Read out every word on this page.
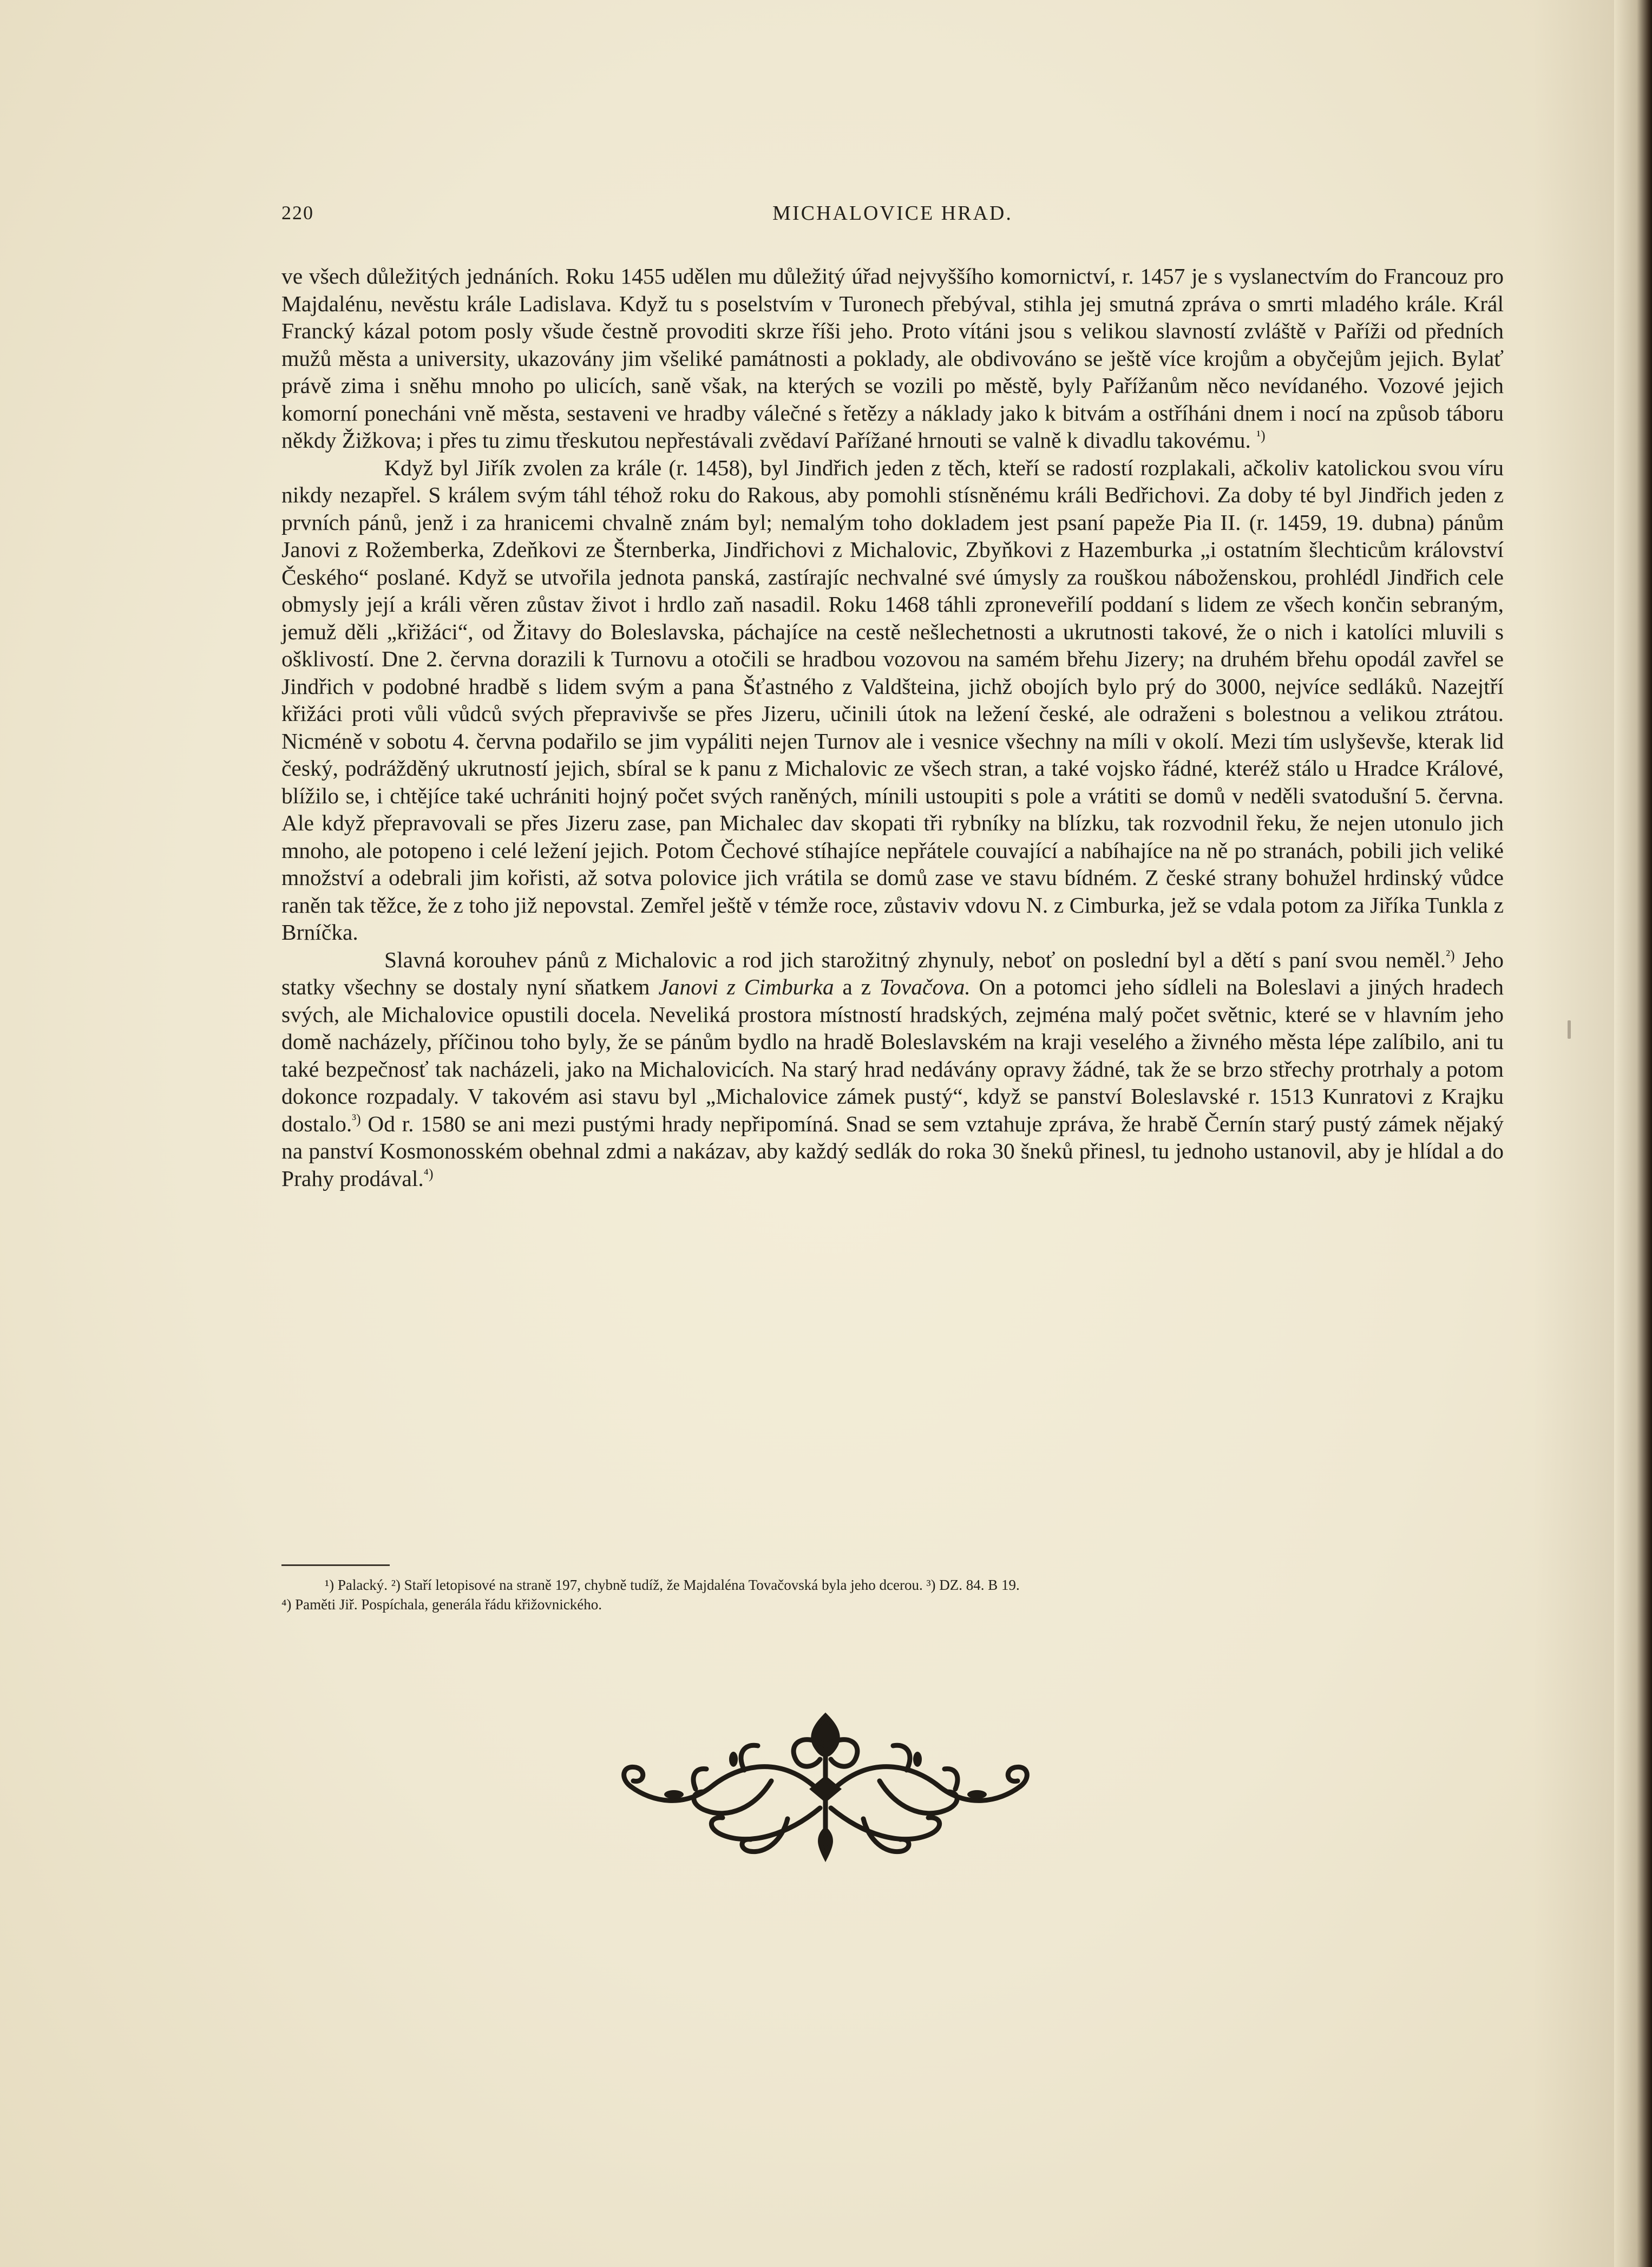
220	MICHALOVICE HRAD.

ve všech důležitých jednáních. Roku 1455 udělen mu důležitý úřad nejvyššího komornictví, r. 1457 je s vyslanectvím do Francouz pro Majdalénu, nevěstu krále Ladislava. Když tu s poselstvím v Turonech přebýval, stihla jej smutná zpráva o smrti mladého krále. Král Francký kázal potom posly všude čestně provoditi skrze říši jeho. Proto vítáni jsou s velikou slavností zvláště v Paříži od předních mužů města a university, ukazovány jim všeliké památnosti a poklady, ale obdivováno se ještě více krojům a obyčejům jejich. Bylať právě zima i sněhu mnoho po ulicích, saně však, na kterých se vozili po městě, byly Pařížanům něco nevídaného. Vozové jejich komorní ponecháni vně města, sestaveni ve hradby válečné s řetězy a náklady jako k bitvám a ostříháni dnem i nocí na způsob táboru někdy Žižkova; i přes tu zimu třeskutou nepřestávali zvědaví Pařížané hrnouti se valně k divadlu takovému. $^{^1)}$

Když byl Jiřík zvolen za krále (r. 1458), byl Jindřich jeden z těch, kteří se radostí rozplakali, ačkoliv katolickou svou víru nikdy nezapřel. S králem svým táhl téhož roku do Rakous, aby pomohli stísněnému králi Bedřichovi. Za doby té byl Jindřich jeden z prvních pánů, jenž i za hranicemi chvalně znám byl; nemalým toho dokladem jest psaní papeže Pia II. (r. 1459, 19. dubna) pánům Janovi z Rožemberka, Zdeňkovi ze Šternberka, Jindřichovi z Michalovic, Zbyňkovi z Hazemburka „i ostatním šlechticům království Českého“ poslané. Když se utvořila jednota panská, zastírajíc nechvalné své úmysly za rouškou náboženskou, prohlédl Jindřich cele obmysly její a králi věren zůstav život i hrdlo zaň nasadil. Roku 1468 táhli zproneveřilí poddaní s lidem ze všech končin sebraným, jemuž děli „křižáci“, od Žitavy do Boleslavska, páchajíce na cestě nešlechetnosti a ukrutnosti takové, že o nich i katolíci mluvili s ošklivostí. Dne 2. června dorazili k Turnovu a otočili se hradbou vozovou na samém břehu Jizery; na druhém břehu opodál zavřel se Jindřich v podobné hradbě s lidem svým a pana Šťastného z Valdšteina, jichž obojích bylo prý do 3000, nejvíce sedláků. Nazejtří křižáci proti vůli vůdců svých přepravivše se přes Jizeru, učinili útok na ležení české, ale odraženi s bolestnou a velikou ztrátou. Nicméně v sobotu 4. června podařilo se jim vypáliti nejen Turnov ale i vesnice všechny na míli v okolí. Mezi tím uslyševše, kterak lid český, podrážděný ukrutností jejich, sbíral se k panu z Michalovic ze všech stran, a také vojsko řádné, kteréž stálo u Hradce Králové, blížilo se, i chtějíce také uchrániti hojný počet svých raněných, mínili ustoupiti s pole a vrátiti se domů v neděli svatodušní 5. června. Ale když přepravovali se přes Jizeru zase, pan Michalec dav skopati tři rybníky na blízku, tak rozvodnil řeku, že nejen utonulo jich mnoho, ale potopeno i celé ležení jejich. Potom Čechové stíhajíce nepřátele couvající a nabíhajíce na ně po stranách, pobili jich veliké množství a odebrali jim kořisti, až sotva polovice jich vrátila se domů zase ve stavu bídném. Z české strany bohužel hrdinský vůdce raněn tak těžce, že z toho již nepovstal. Zemřel ještě v témže roce, zůstaviv vdovu N. z Cimburka, jež se vdala potom za Jiříka Tunkla z Brníčka.

Slavná korouhev pánů z Michalovic a rod jich starožitný zhynuly, neboť on poslední byl a dětí s paní svou neměl.$^{^2)}$ Jeho statky všechny se dostaly nyní sňatkem Janovi z Cimburka a z Tovačova. On a potomci jeho sídleli na Boleslavi a jiných hradech svých, ale Michalovice opustili docela. Neveliká prostora místností hradských, zejména malý počet světnic, které se v hlavním jeho domě nacházely, příčinou toho byly, že se pánům bydlo na hradě Boleslavském na kraji veselého a živného města lépe zalíbilo, ani tu také bezpečnosť tak nacházeli, jako na Michalovicích. Na starý hrad nedávány opravy žádné, tak že se brzo střechy protrhaly a potom dokonce rozpadaly. V takovém asi stavu byl „Michalovice zámek pustý“, když se panství Boleslavské r. 1513 Kunratovi z Krajku dostalo.$^{^3)}$ Od r. 1580 se ani mezi pustými hrady nepřipomíná. Snad se sem vztahuje zpráva, že hrabě Černín starý pustý zámek nějaký na panství Kosmonosském obehnal zdmi a nakázav, aby každý sedlák do roka 30 šneků přinesl, tu jednoho ustanovil, aby je hlídal a do Prahy prodával.$^{^4)}$

¹) Palacký. ²) Staří letopisové na straně 197, chybně tudíž, že Majdaléna Tovačovská byla jeho dcerou. ³) DZ. 84. B 19.

⁴) Paměti Jiř. Pospíchala, generála řádu křižovnického.
